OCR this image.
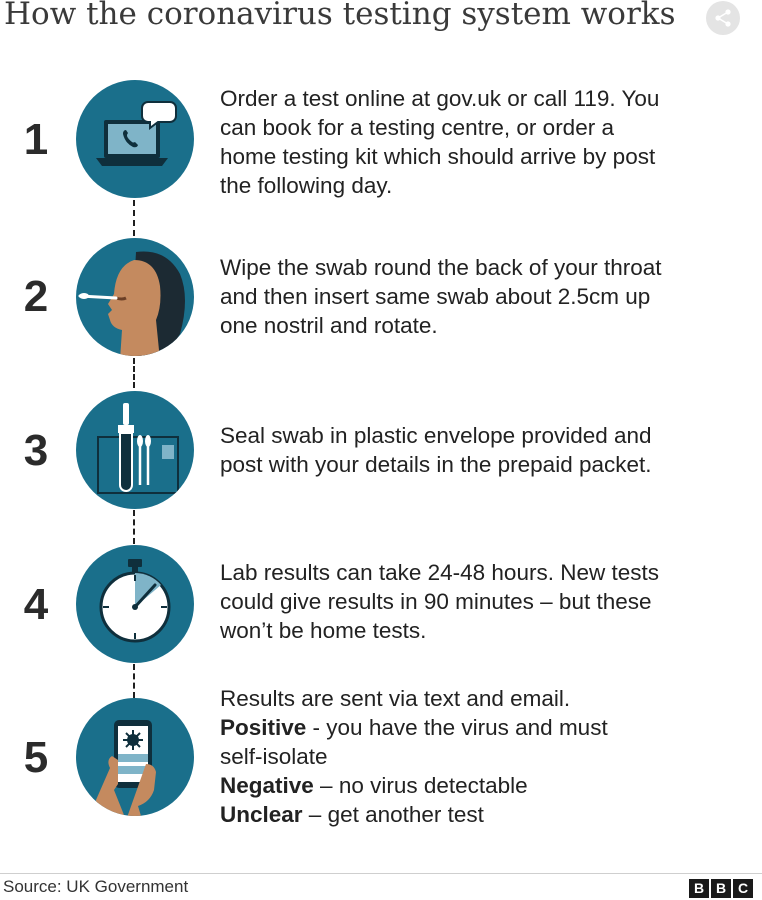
How the coronavirus testing system works
1

Order a test online at gov.uk or call 119. You

can book for a testing centre, or order a

home testing kit which should arrive by post

the following day.

2

Wipe the swab round the back of your throat

and then insert same swab about 2.5cm up

one nostril and rotate.

3	Seal swab in plastic envelope provided and

post with your details in the prepaid packet.

4

Lab results can take 24-48 hours. New tests

could give results in 90 minutes – but these

won’t be home tests.

5

Results are sent via text and email.

Positive - you have the virus and must

self-isolate

Negative – no virus detectable

Unclear – get another test

Source: UK Government	B B C
